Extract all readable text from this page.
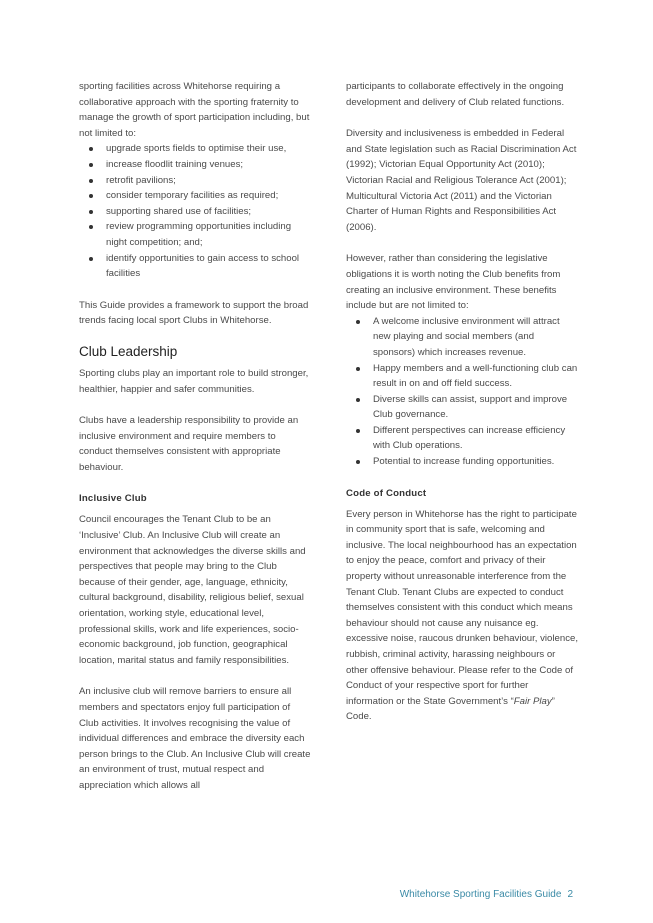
sporting facilities across Whitehorse requiring a collaborative approach with the sporting fraternity to manage the growth of sport participation including, but not limited to:

upgrade sports fields to optimise their use,
increase floodlit training venues;
retrofit pavilions;
consider temporary facilities as required;
supporting shared use of facilities;
review programming opportunities including night competition; and;
identify opportunities to gain access to school facilities

This Guide provides a framework to support the broad trends facing local sport Clubs in Whitehorse.

Club Leadership

Sporting clubs play an important role to build stronger, healthier, happier and safer communities.

Clubs have a leadership responsibility to provide an inclusive environment and require members to conduct themselves consistent with appropriate behaviour.

Inclusive Club

Council encourages the Tenant Club to be an ‘Inclusive’ Club. An Inclusive Club will create an environment that acknowledges the diverse skills and perspectives that people may bring to the Club because of their gender, age, language, ethnicity, cultural background, disability, religious belief, sexual orientation, working style, educational level, professional skills, work and life experiences, socio-economic background, job function, geographical location, marital status and family responsibilities.

An inclusive club will remove barriers to ensure all members and spectators enjoy full participation of Club activities. It involves recognising the value of individual differences and embrace the diversity each person brings to the Club. An Inclusive Club will create an environment of trust, mutual respect and appreciation which allows all

participants to collaborate effectively in the ongoing development and delivery of Club related functions.

Diversity and inclusiveness is embedded in Federal and State legislation such as Racial Discrimination Act (1992); Victorian Equal Opportunity Act (2010); Victorian Racial and Religious Tolerance Act (2001); Multicultural Victoria Act (2011) and the Victorian Charter of Human Rights and Responsibilities Act (2006).

However, rather than considering the legislative obligations it is worth noting the Club benefits from creating an inclusive environment. These benefits include but are not limited to:

A welcome inclusive environment will attract new playing and social members (and sponsors) which increases revenue.
Happy members and a well-functioning club can result in on and off field success.
Diverse skills can assist, support and improve Club governance.
Different perspectives can increase efficiency with Club operations.
Potential to increase funding opportunities.
Code of Conduct

Every person in Whitehorse has the right to participate in community sport that is safe, welcoming and inclusive. The local neighbourhood has an expectation to enjoy the peace, comfort and privacy of their property without unreasonable interference from the Tenant Club. Tenant Clubs are expected to conduct themselves consistent with this conduct which means behaviour should not cause any nuisance eg. excessive noise, raucous drunken behaviour, violence, rubbish, criminal activity, harassing neighbours or other offensive behaviour. Please refer to the Code of Conduct of your respective sport for further information or the State Government’s “Fair Play” Code.

Whitehorse Sporting Facilities Guide 2
